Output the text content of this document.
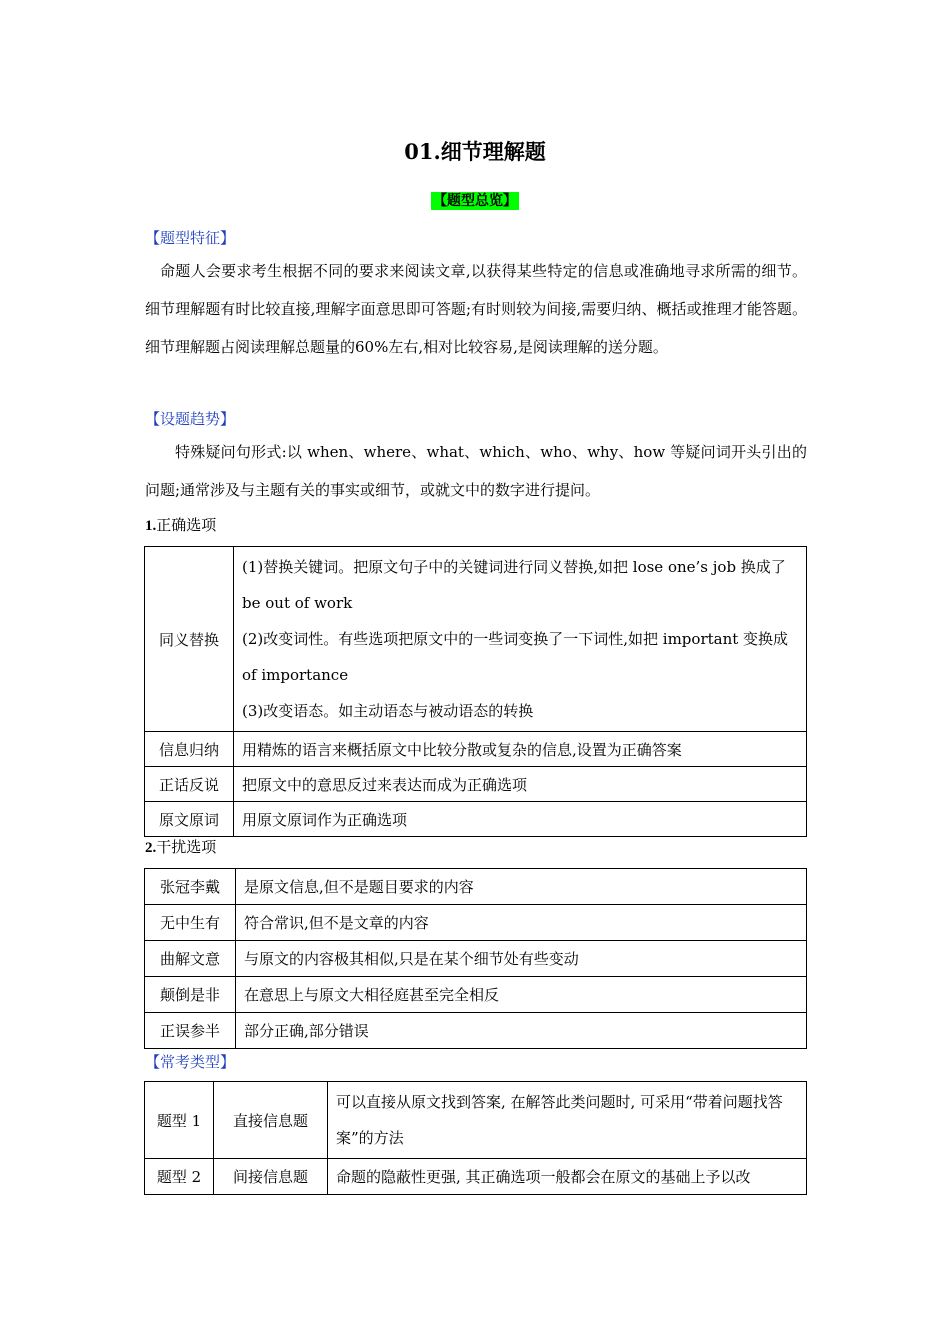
01.细节理解题
【题型总览】
【题型特征】
命题人会要求考生根据不同的要求来阅读文章,以获得某些特定的信息或准确地寻求所需的细节。细节理解题有时比较直接,理解字面意思即可答题;有时则较为间接,需要归纳、概括或推理才能答题。细节理解题占阅读理解总题量的60%左右,相对比较容易,是阅读理解的送分题。
【设题趋势】
特殊疑问句形式:以 when、where、what、which、who、why、how 等疑问词开头引出的问题;通常涉及与主题有关的事实或细节，或就文中的数字进行提问。
1.正确选项
同义替换	(1)替换关键词。把原文句子中的关键词进行同义替换,如把 lose one’s job 换成了 be out of work
(2)改变词性。有些选项把原文中的一些词变换了一下词性,如把 important 变换成 of importance
(3)改变语态。如主动语态与被动语态的转换

信息归纳	用精炼的语言来概括原文中比较分散或复杂的信息,设置为正确答案
正话反说	把原文中的意思反过来表达而成为正确选项
原文原词	用原文原词作为正确选项
2.干扰选项
张冠李戴	是原文信息,但不是题目要求的内容
无中生有	符合常识,但不是文章的内容
曲解文意	与原文的内容极其相似,只是在某个细节处有些变动
颠倒是非	在意思上与原文大相径庭甚至完全相反
正误参半	部分正确,部分错误
【常考类型】
题型 1	直接信息题	可以直接从原文找到答案, 在解答此类问题时, 可采用“带着问题找答案”的方法
题型 2	间接信息题	命题的隐蔽性更强, 其正确选项一般都会在原文的基础上予以改
